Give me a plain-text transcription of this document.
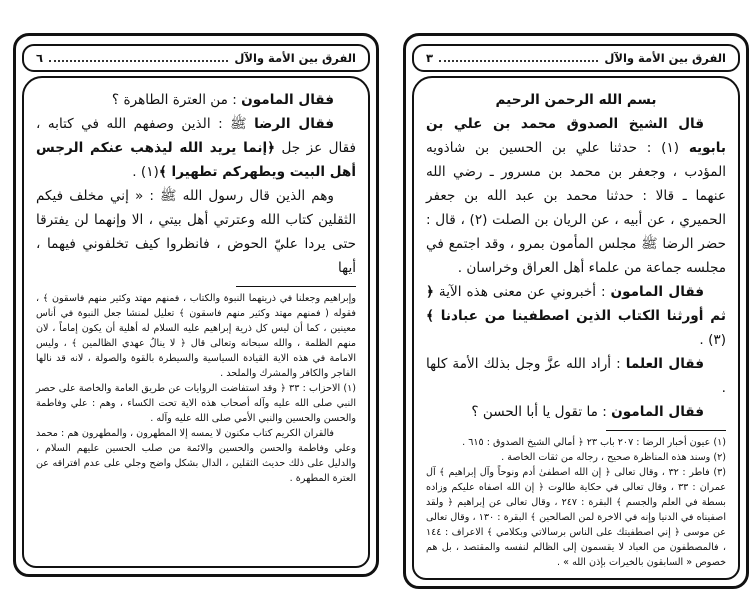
الفرق بين الأمة والآل
٦

فقال المامون : من العترة الطاهرة ؟

فقال الرضا ﷺ : الذين وصفهم الله في كتابه ، فقال عز جل ﴿إنما يريد الله ليذهب عنكم الرجس أهل البيت ويطهركم تطهيرا ﴾(١) .

وهم الذين قال رسول الله ﷺ : « إني مخلف فيكم الثقلين كتاب الله وعترتي أهل بيتي ، الا وإنهما لن يفترقا حتى يردا عليّ الحوض ، فانظروا كيف تخلفوني فيهما ، أيها

وإبراهيم وجعلنا في ذريتهما النبوة والكتاب ، فمنهم مهتد وكثير منهم فاسقون ﴾ ، فقوله ( فمنهم مهتد وكثير منهم فاسقون ﴾ تعليل لمنشا جعل النبوة في أناس معينين ، كما أن ليس كل ذرية إبراهيم عليه السلام له أهلية أن يكون إماماً ، لان منهم الظلمة ، والله سبحانه وتعالى قال ﴿ لا ينالُ عهدي الظالمين ﴾ ، وليس الامامة في هذه الاية القيادة السياسية والسيطرة بالقوة والصولة ، لانه قد نالها الفاجر والكافر والمشرك والملحد .

(١) الاحزاب : ٣٣ ﴿ وقد استفاضت الروايات عن طريق العامة والخاصة على حصر النبي صلى الله عليه وآله أصحاب هذه الاية تحت الكساء ، وهم : علي وفاطمة والحسن والحسين والنبي الأمي صلى الله عليه وآله .

فالقران الكريم كتاب مكنون لا يمسه إلا المطهرون ، والمطهرون هم : محمد وعلي وفاطمة والحسن والحسين والائمة من صلب الحسين عليهم السلام ، والدليل على ذلك حديث الثقلين ، الدال بشكل واضح وجلي على عدم افتراقه عن العترة المطهرة .

الفرق بين الأمة والآل
٣

بسم الله الرحمن الرحيم

قال الشيخ الصدوق محمد بن علي بن بابويه (١) : حدثنا علي بن الحسين بن شاذويه المؤدب ، وجعفر بن محمد بن مسرور ـ رضي الله عنهما ـ قالا : حدثنا محمد بن عبد الله بن جعفر الحميري ، عن أبيه ، عن الريان بن الصلت (٢) ، قال : حضر الرضا ﷺ مجلس المأمون بمرو ، وقد اجتمع في مجلسه جماعة من علماء أهل العراق وخراسان .

فقال المامون : أخبروني عن معنى هذه الآية ﴿ ثم أورثنا الكتاب الذين اصطفينا من عبادنا ﴾ (٣) .

فقال العلما : أراد الله عزَّ وجل بذلك الأمة كلها .

فقال المامون : ما تقول يا أبا الحسن ؟

(١) عيون أخبار الرضا : ٢٠٧ باب ٢٣ ﴿ أمالي الشيخ الصدوق : ٦١٥ .

(٢) وسند هذه المناظرة صحيح ، رجاله من ثقات الخاصة .

(٣) فاطر : ٣٢ ، وقال تعالى ﴿ إن الله اصطفىٰ أدم ونوحاً وآل إبراهيم ﴾ آل عمران : ٣٣ ، وقال تعالى في حكاية طالوت ﴿ إن الله اصفاه عليكم وزاده بسطة في العلم والجسم ﴾ البقرة : ٢٤٧ ، وقال تعالى عن إبراهيم ﴿ ولقد اصفيناه في الدنيا وإنه في الاخرة لمن الصالحين ﴾ البقرة : ١٣٠ ، وقال تعالى عن موسى ﴿ إني اصطفيتك على الناس برسالاتي وبكلامي ﴾ الاعراف : ١٤٤ ، فالمصطفون من العباد لا يقسمون إلى الظالم لنفسه والمقتصد ، بل هم خصوص « السابقون بالخيرات بإذن الله » .
